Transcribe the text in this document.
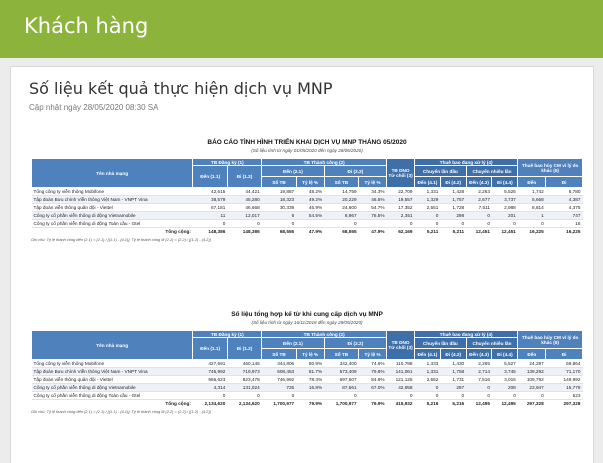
Khách hàng
Số liệu kết quả thực hiện dịch vụ MNP
Cập nhật ngày 28/05/2020 08:30 SA
BÁO CÁO TÌNH HÌNH TRIỂN KHAI DỊCH VỤ MNP THÁNG 05/2020
(Số liệu tính từ ngày 01/05/2020 đến ngày 28/05/2020)
Tên nhà mạng	TB Đăng ký (1)		TB Thành công (2)				TB DNO Từ chối (3)	Thuê bao đang xử lý (4)				Thuê bao hủy CM vì lý do khác (5)	
	Đến (1.1)	Đi (1.2)	Đến (2.1)		Đi (2.2)			Chuyển lần đầu		Chuyển nhiều lần			
			Số TB	Tỷ lệ %	Số TB	Tỷ lệ %		Đến (4.1)	Đi (4.2)	Đến (4.3)	Đi (4.4)	Đến	Đi
Tổng công ty viễn thông Mobifone	42,615	44,421	19,887	48.2%	14,759	34.3%	22,709	1,331	1,428	2,263	5,525	1,742	6,780
Tập đoàn Bưu chính Viễn thông Việt Nam - VNPT Vina	38,579	45,280	18,323	49.2%	20,229	46.5%	19,557	1,329	1,757	2,677	3,737	5,668	4,387
Tập đoàn viễn thông quân đội - Viettel	67,181	46,668	30,339	46.9%	24,600	54.7%	17,352	2,551	1,728	7,511	2,988	8,814	4,375
Công ty cổ phần viễn thông di động Vietnamobile	11	12,017	6	54.5%	8,967	76.5%	2,351	0	298	0	201	1	747
Công ty cổ phần viễn thông di động Toàn cầu - Gtel	0	0	0		0		0	0	0	0	0	0	16
Tổng cộng:	148,386	148,386	68,555	47.9%	68,555	47.9%	62,169	5,211	5,211	12,451	12,451	16,225	16,225
Ghi chú: Tỷ lệ thành công đến (2.1) = (2.1) / [(1.1) - (4.1)]; Tỷ lệ thành công đi (2.2) = (2.2) / [(1.2) - (4.2)]
Số liệu tổng hợp kế từ khi cung cấp dịch vụ MNP
(Số liệu tính từ ngày 16/11/2018 đến ngày 28/05/2020)
Tên nhà mạng	TB Đăng ký (1)		TB Thành công (2)				TB DNO Từ chối (3)	Thuê bao đang xử lý (4)				Thuê bao hủy CM vì lý do khác (5)	
	Đến (1.1)	Đi (1.2)	Đến (2.1)		Đi (2.2)			Chuyển lần đầu		Chuyển nhiều lần			
			Số TB	Tỷ lệ %	Số TB	Tỷ lệ %		Đến (4.1)	Đi (4.2)	Đến (4.3)	Đi (4.4)	Đến	Đi
Tổng công ty viễn thông Mobifone	427,691	460,145	344,806	80.9%	342,400	74.6%	110,788	1,333	1,430	2,265	5,527	24,297	59,864
Tập đoàn Bưu chính Viễn thông Việt Nam - VNPT Vina	745,992	719,973	608,453	81.7%	573,409	79.8%	141,061	1,331	1,758	2,714	3,745	139,292	71,170
Tập đoàn viễn thông quân đội - Viettel	956,623	823,478	746,992	78.3%	697,607	84.9%	121,125	2,552	1,731	7,516	3,015	109,792	149,992
Công ty cổ phần viễn thông di động Vietnamobile	4,314	131,024	726	16.8%	87,561	67.0%	42,958	0	297	0	208	23,947	15,779
Công ty cổ phần viễn thông di động Toàn cầu - Gtel	0	0	0		0		0	0	0	0	0	0	523
Tổng cộng:	2,134,620	2,134,620	1,700,977	79.9%	1,700,977	79.9%	415,932	5,216	5,216	12,495	12,495	297,328	297,328
Ghi chú: Tỷ lệ thành công đến (2.1) = (2.1) / [(1.1) - (4.1)]; Tỷ lệ thành công đi (2.2) = (2.2) / [(1.2) - (4.2)]
